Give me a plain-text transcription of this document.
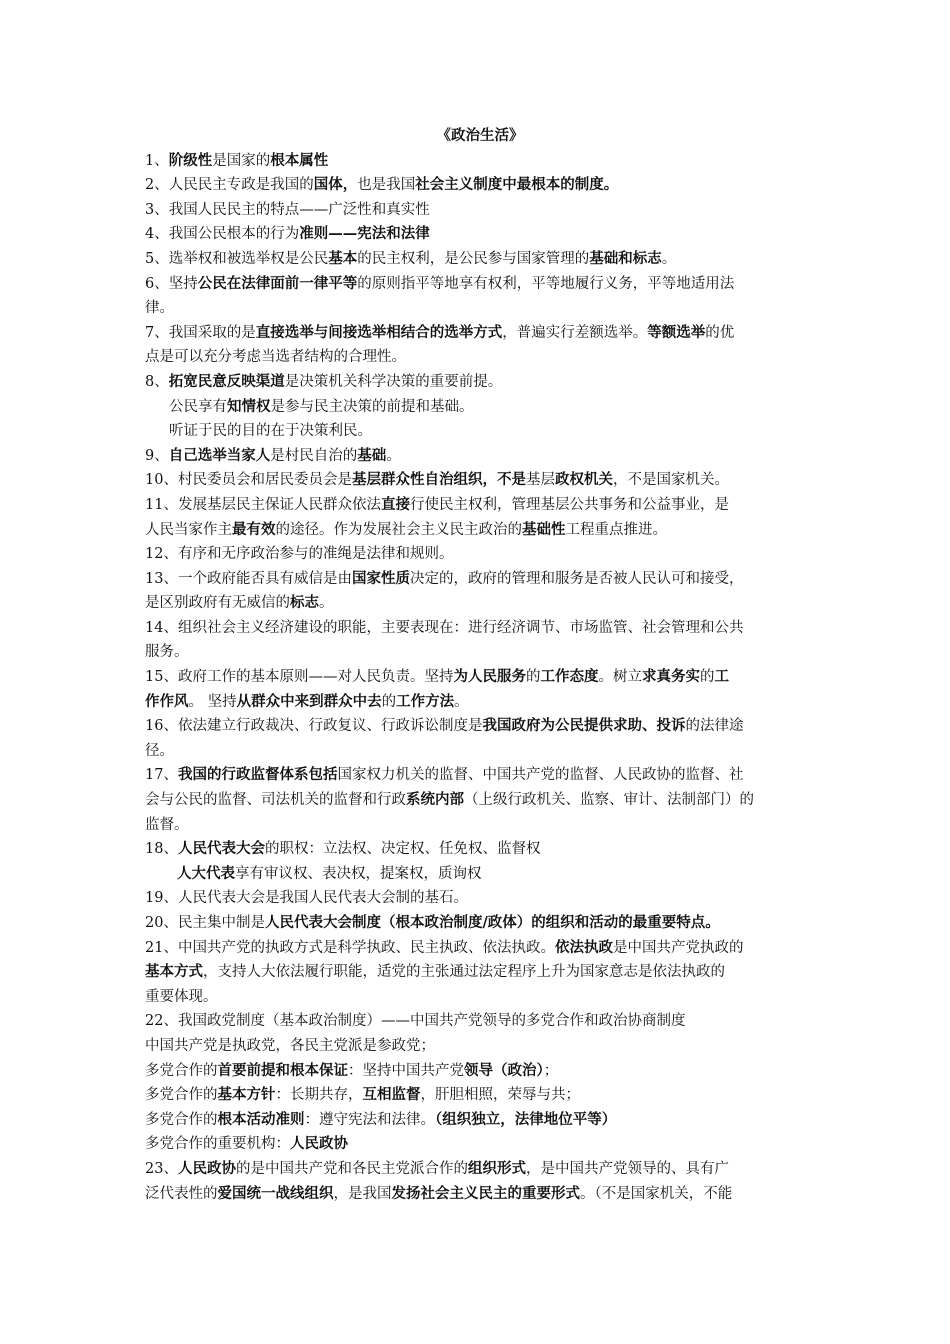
《政治生活》
1、阶级性是国家的根本属性
2、人民民主专政是我国的国体，也是我国社会主义制度中最根本的制度。
3、我国人民民主的特点——广泛性和真实性
4、我国公民根本的行为准则——宪法和法律
5、选举权和被选举权是公民基本的民主权利，是公民参与国家管理的基础和标志。
6、坚持公民在法律面前一律平等的原则指平等地享有权利，平等地履行义务，平等地适用法
律。
7、我国采取的是直接选举与间接选举相结合的选举方式，普遍实行差额选举。等额选举的优
点是可以充分考虑当选者结构的合理性。
8、拓宽民意反映渠道是决策机关科学决策的重要前提。
公民享有知情权是参与民主决策的前提和基础。
听证于民的目的在于决策利民。
9、自己选举当家人是村民自治的基础。
10、村民委员会和居民委员会是基层群众性自治组织，不是基层政权机关，不是国家机关。
11、发展基层民主保证人民群众依法直接行使民主权利，管理基层公共事务和公益事业，是
人民当家作主最有效的途径。作为发展社会主义民主政治的基础性工程重点推进。
12、有序和无序政治参与的准绳是法律和规则。
13、一个政府能否具有威信是由国家性质决定的，政府的管理和服务是否被人民认可和接受，
是区别政府有无威信的标志。
14、组织社会主义经济建设的职能，主要表现在：进行经济调节、市场监管、社会管理和公共
服务。
15、政府工作的基本原则——对人民负责。坚持为人民服务的工作态度。树立求真务实的工
作作风。 坚持从群众中来到群众中去的工作方法。
16、依法建立行政裁决、行政复议、行政诉讼制度是我国政府为公民提供求助、投诉的法律途
径。
17、我国的行政监督体系包括国家权力机关的监督、中国共产党的监督、人民政协的监督、社
会与公民的监督、司法机关的监督和行政系统内部（上级行政机关、监察、审计、法制部门）的
监督。
18、人民代表大会的职权：立法权、决定权、任免权、监督权
人大代表享有审议权、表决权，提案权，质询权
19、人民代表大会是我国人民代表大会制的基石。
20、民主集中制是人民代表大会制度（根本政治制度/政体）的组织和活动的最重要特点。
21、中国共产党的执政方式是科学执政、民主执政、依法执政。依法执政是中国共产党执政的
基本方式，支持人大依法履行职能，适党的主张通过法定程序上升为国家意志是依法执政的
重要体现。
22、我国政党制度（基本政治制度）——中国共产党领导的多党合作和政治协商制度
中国共产党是执政党，各民主党派是参政党；
多党合作的首要前提和根本保证：坚持中国共产党领导（政治）；
多党合作的基本方针：长期共存，互相监督，肝胆相照，荣辱与共；
多党合作的根本活动准则：遵守宪法和法律。（组织独立，法律地位平等）
多党合作的重要机构：人民政协
23、人民政协的是中国共产党和各民主党派合作的组织形式，是中国共产党领导的、具有广
泛代表性的爱国统一战线组织，是我国发扬社会主义民主的重要形式。（不是国家机关，不能
